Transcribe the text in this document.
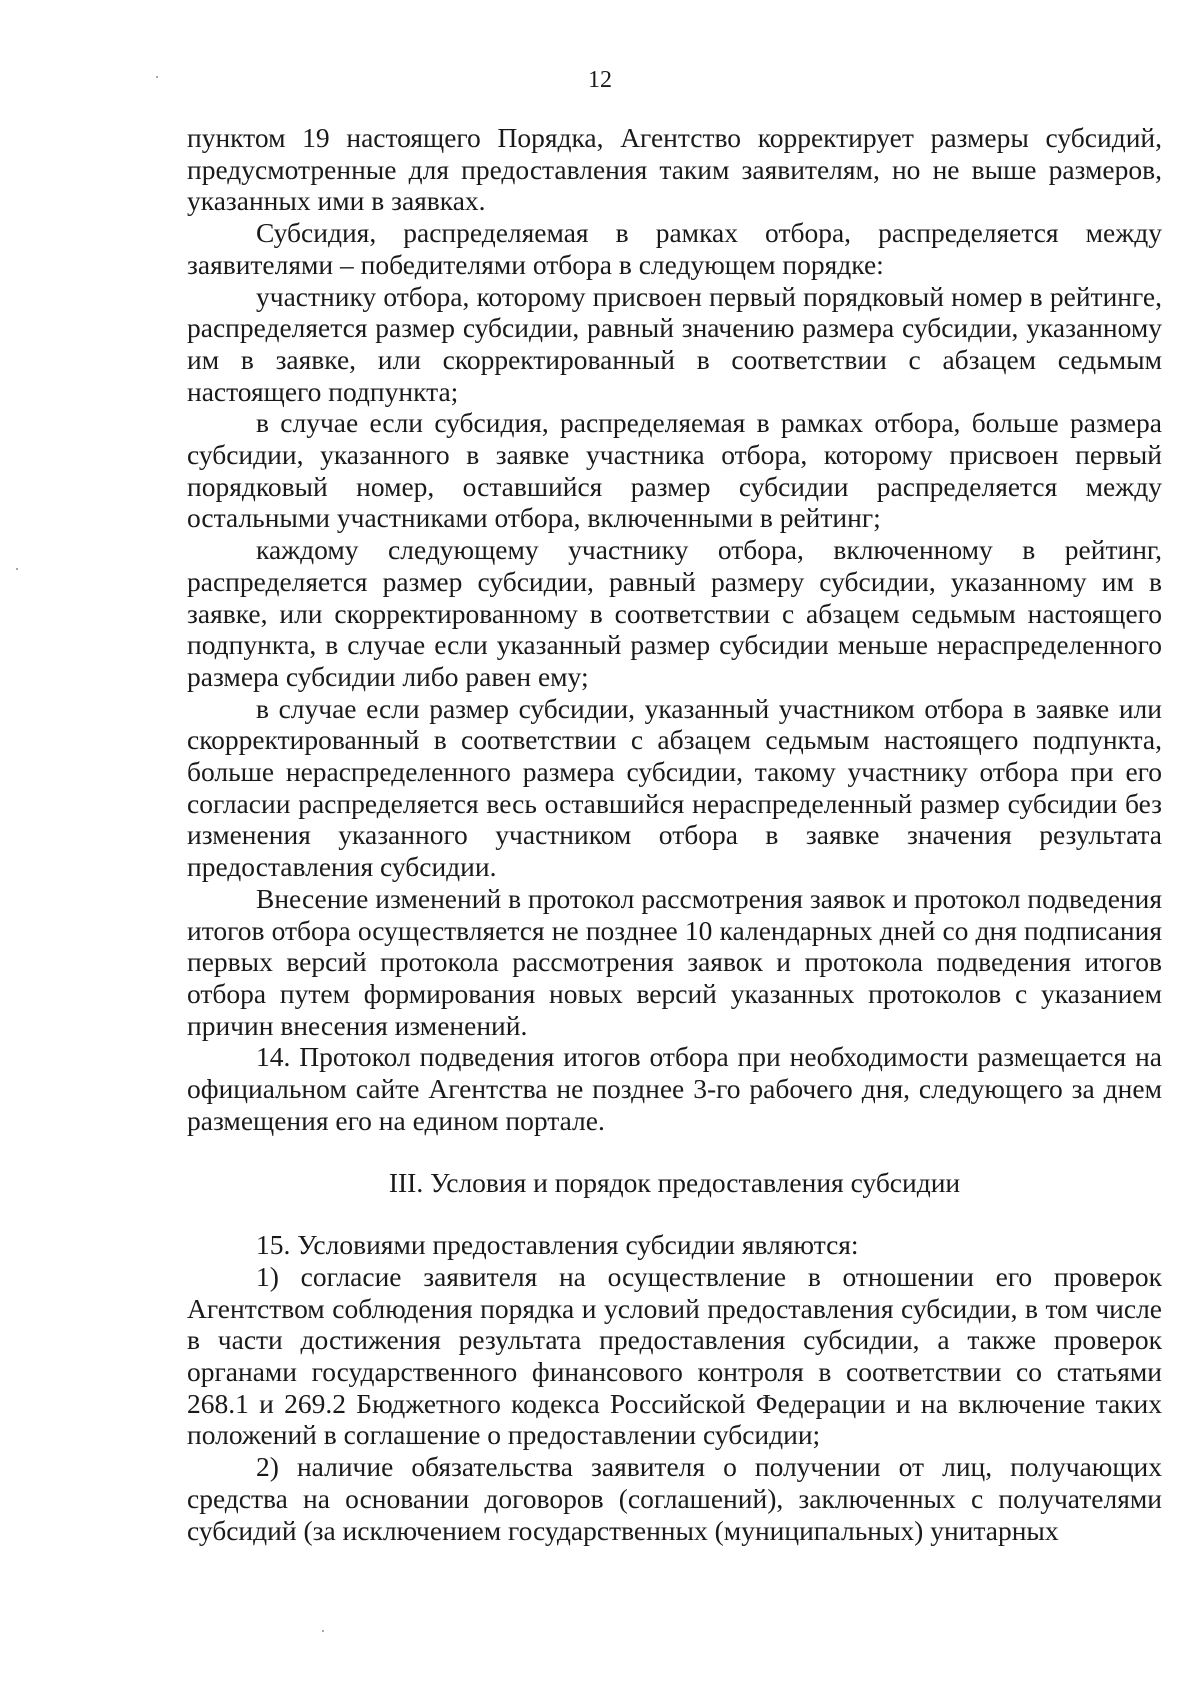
12

пунктом 19 настоящего Порядка, Агентство корректирует размеры субсидий, предусмотренные для предоставления таким заявителям, но не выше размеров, указанных ими в заявках.

Субсидия, распределяемая в рамках отбора, распределяется между заявителями – победителями отбора в следующем порядке:

участнику отбора, которому присвоен первый порядковый номер в рейтинге, распределяется размер субсидии, равный значению размера субсидии, указанному им в заявке, или скорректированный в соответствии с абзацем седьмым настоящего подпункта;

в случае если субсидия, распределяемая в рамках отбора, больше размера субсидии, указанного в заявке участника отбора, которому присвоен первый порядковый номер, оставшийся размер субсидии распределяется между остальными участниками отбора, включенными в рейтинг;

каждому следующему участнику отбора, включенному в рейтинг, распределяется размер субсидии, равный размеру субсидии, указанному им в заявке, или скорректированному в соответствии с абзацем седьмым настоящего подпункта, в случае если указанный размер субсидии меньше нераспределенного размера субсидии либо равен ему;

в случае если размер субсидии, указанный участником отбора в заявке или скорректированный в соответствии с абзацем седьмым настоящего подпункта, больше нераспределенного размера субсидии, такому участнику отбора при его согласии распределяется весь оставшийся нераспределенный размер субсидии без изменения указанного участником отбора в заявке значения результата предоставления субсидии.

Внесение изменений в протокол рассмотрения заявок и протокол подведения итогов отбора осуществляется не позднее 10 календарных дней со дня подписания первых версий протокола рассмотрения заявок и протокола подведения итогов отбора путем формирования новых версий указанных протоколов с указанием причин внесения изменений.

14. Протокол подведения итогов отбора при необходимости размещается на официальном сайте Агентства не позднее 3-го рабочего дня, следующего за днем размещения его на едином портале.

III. Условия и порядок предоставления субсидии

15. Условиями предоставления субсидии являются:

1) согласие заявителя на осуществление в отношении его проверок Агентством соблюдения порядка и условий предоставления субсидии, в том числе в части достижения результата предоставления субсидии, а также проверок органами государственного финансового контроля в соответствии со статьями 268.1 и 269.2 Бюджетного кодекса Российской Федерации и на включение таких положений в соглашение о предоставлении субсидии;

2) наличие обязательства заявителя о получении от лиц, получающих средства на основании договоров (соглашений), заключенных с получателями субсидий (за исключением государственных (муниципальных) унитарных
